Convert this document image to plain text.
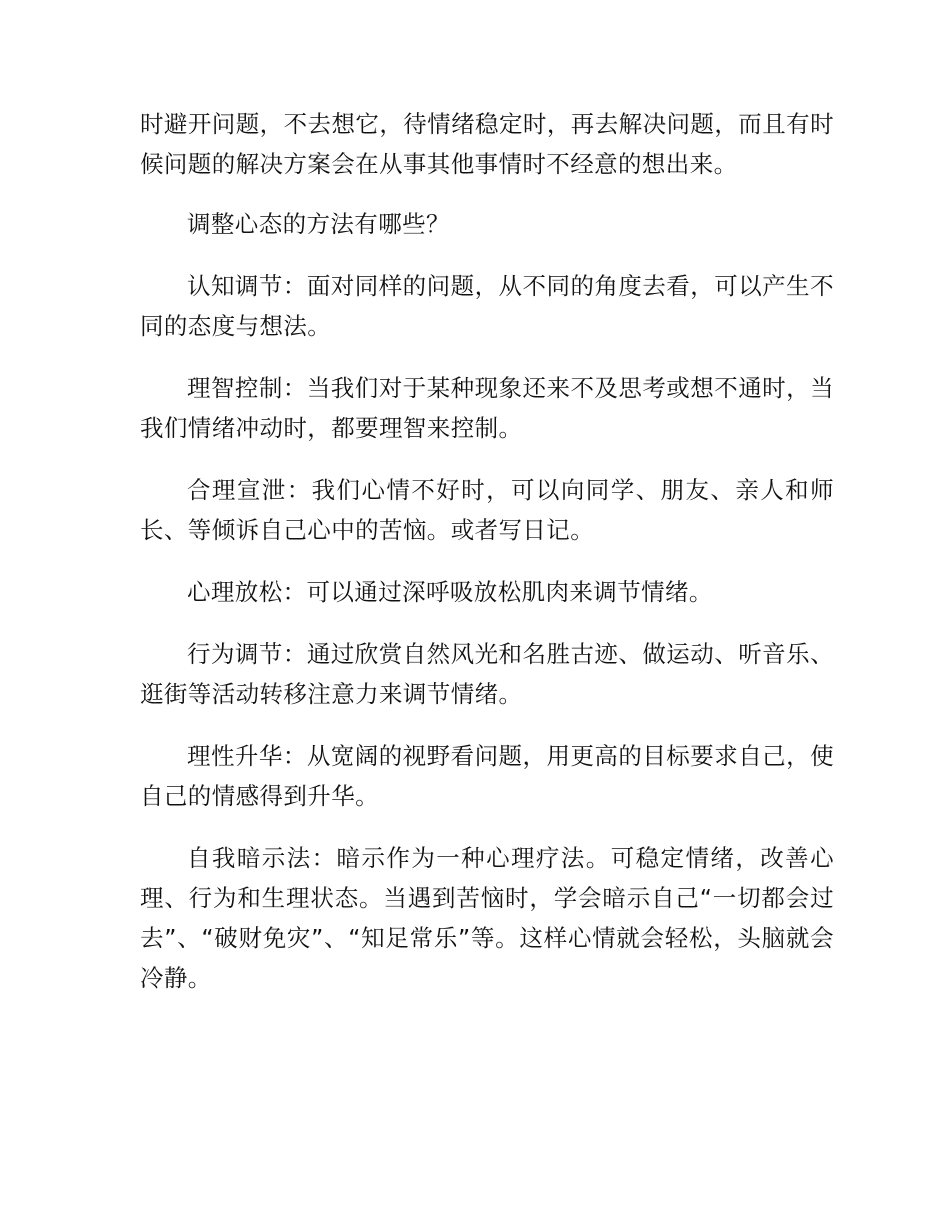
时避开问题，不去想它，待情绪稳定时，再去解决问题，而且有时候问题的解决方案会在从事其他事情时不经意的想出来。

调整心态的方法有哪些？

认知调节：面对同样的问题，从不同的角度去看，可以产生不同的态度与想法。

理智控制：当我们对于某种现象还来不及思考或想不通时，当我们情绪冲动时，都要理智来控制。

合理宣泄：我们心情不好时，可以向同学、朋友、亲人和师长、等倾诉自己心中的苦恼。或者写日记。

心理放松：可以通过深呼吸放松肌肉来调节情绪。

行为调节：通过欣赏自然风光和名胜古迹、做运动、听音乐、逛街等活动转移注意力来调节情绪。

理性升华：从宽阔的视野看问题，用更高的目标要求自己，使自己的情感得到升华。

自我暗示法：暗示作为一种心理疗法。可稳定情绪，改善心理、行为和生理状态。当遇到苦恼时，学会暗示自己“一切都会过去”、“破财免灾”、“知足常乐”等。这样心情就会轻松，头脑就会冷静。
